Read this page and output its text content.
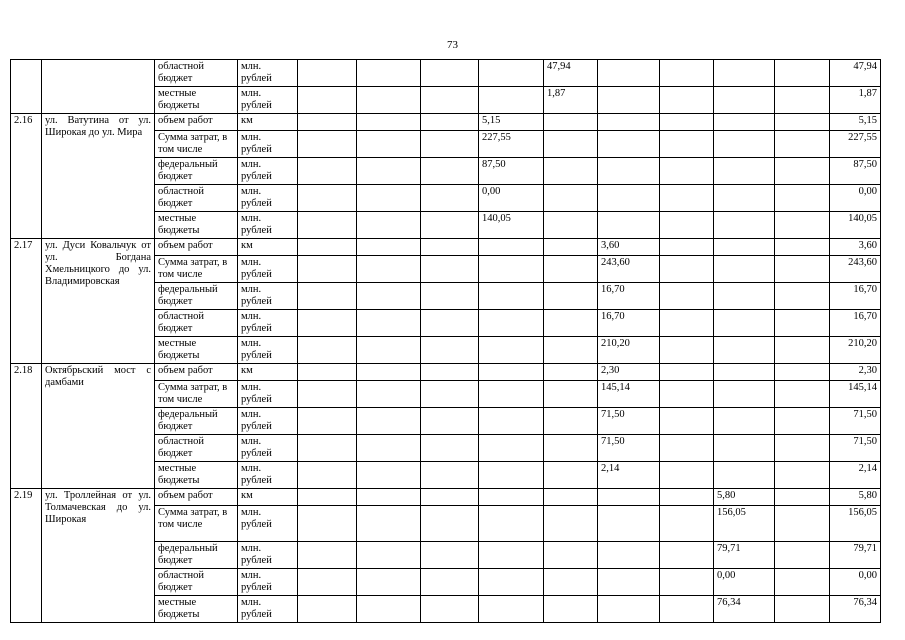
73
		областной бюджет	млн. рублей					47,94					47,94
		местные бюджеты	млн. рублей					1,87					1,87
2.16	ул. Ватутина от ул. Широкая до ул. Мира	объем работ	км				5,15						5,15
		Сумма затрат, в том числе	млн. рублей				227,55						227,55
		федеральный бюджет	млн. рублей				87,50						87,50
		областной бюджет	млн. рублей				0,00						0,00
		местные бюджеты	млн. рублей				140,05						140,05
2.17	ул. Дуси Ковальчук от ул. Богдана Хмельницкого до ул. Владимировская	объем работ	км						3,60				3,60
		Сумма затрат, в том числе	млн. рублей						243,60				243,60
		федеральный бюджет	млн. рублей						16,70				16,70
		областной бюджет	млн. рублей						16,70				16,70
		местные бюджеты	млн. рублей						210,20				210,20
2.18	Октябрьский мост с дамбами	объем работ	км						2,30				2,30
		Сумма затрат, в том числе	млн. рублей						145,14				145,14
		федеральный бюджет	млн. рублей						71,50				71,50
		областной бюджет	млн. рублей						71,50				71,50
		местные бюджеты	млн. рублей						2,14				2,14
2.19	ул. Троллейная от ул. Толмачевская до ул. Широкая	объем работ	км								5,80		5,80
		Сумма затрат, в том числе	млн. рублей								156,05		156,05
		федеральный бюджет	млн. рублей								79,71		79,71
		областной бюджет	млн. рублей								0,00		0,00
		местные бюджеты	млн. рублей								76,34		76,34
